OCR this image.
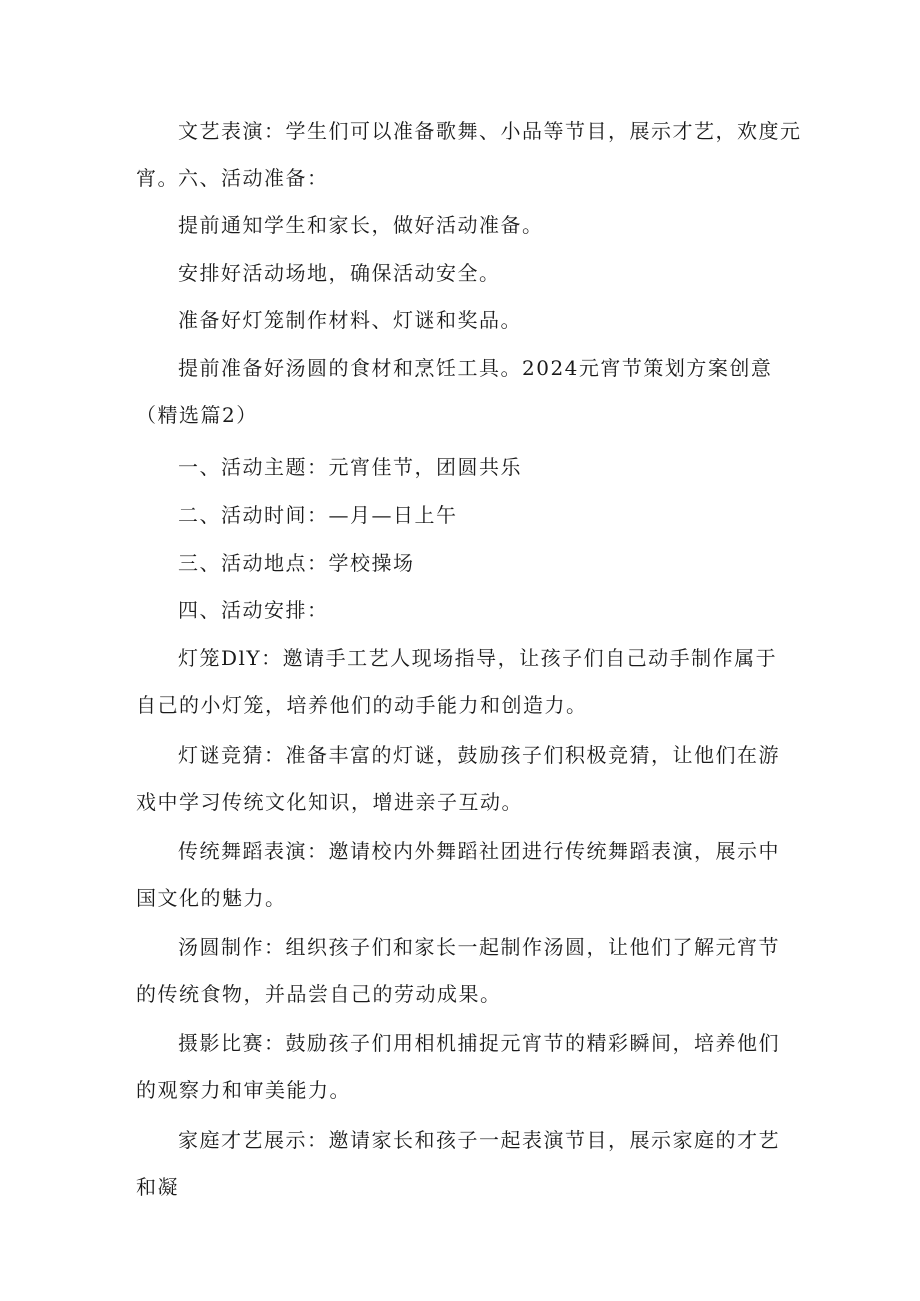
文艺表演：学生们可以准备歌舞、小品等节目，展示才艺，欢度元宵。 六、活动准备：

提前通知学生和家长，做好活动准备。

安排好活动场地，确保活动安全。

准备好灯笼制作材料、灯谜和奖品。

提前准备好汤圆的食材和烹饪工具。2024元宵节策划方案创意（精选篇2）

一、活动主题：元宵佳节，团圆共乐

二、活动时间：—月—日上午

三、活动地点：学校操场

四、活动安排：

灯笼DlY：邀请手工艺人现场指导，让孩子们自己动手制作属于自己的小灯笼，培养他们的动手能力和创造力。

灯谜竞猜：准备丰富的灯谜，鼓励孩子们积极竞猜，让他们在游戏中学习传统文化知识，增进亲子互动。

传统舞蹈表演：邀请校内外舞蹈社团进行传统舞蹈表演，展示中国文化的魅力。

汤圆制作：组织孩子们和家长一起制作汤圆，让他们了解元宵节的传统食物，并品尝自己的劳动成果。

摄影比赛：鼓励孩子们用相机捕捉元宵节的精彩瞬间，培养他们的观察力和审美能力。

家庭才艺展示：邀请家长和孩子一起表演节目，展示家庭的才艺和凝
